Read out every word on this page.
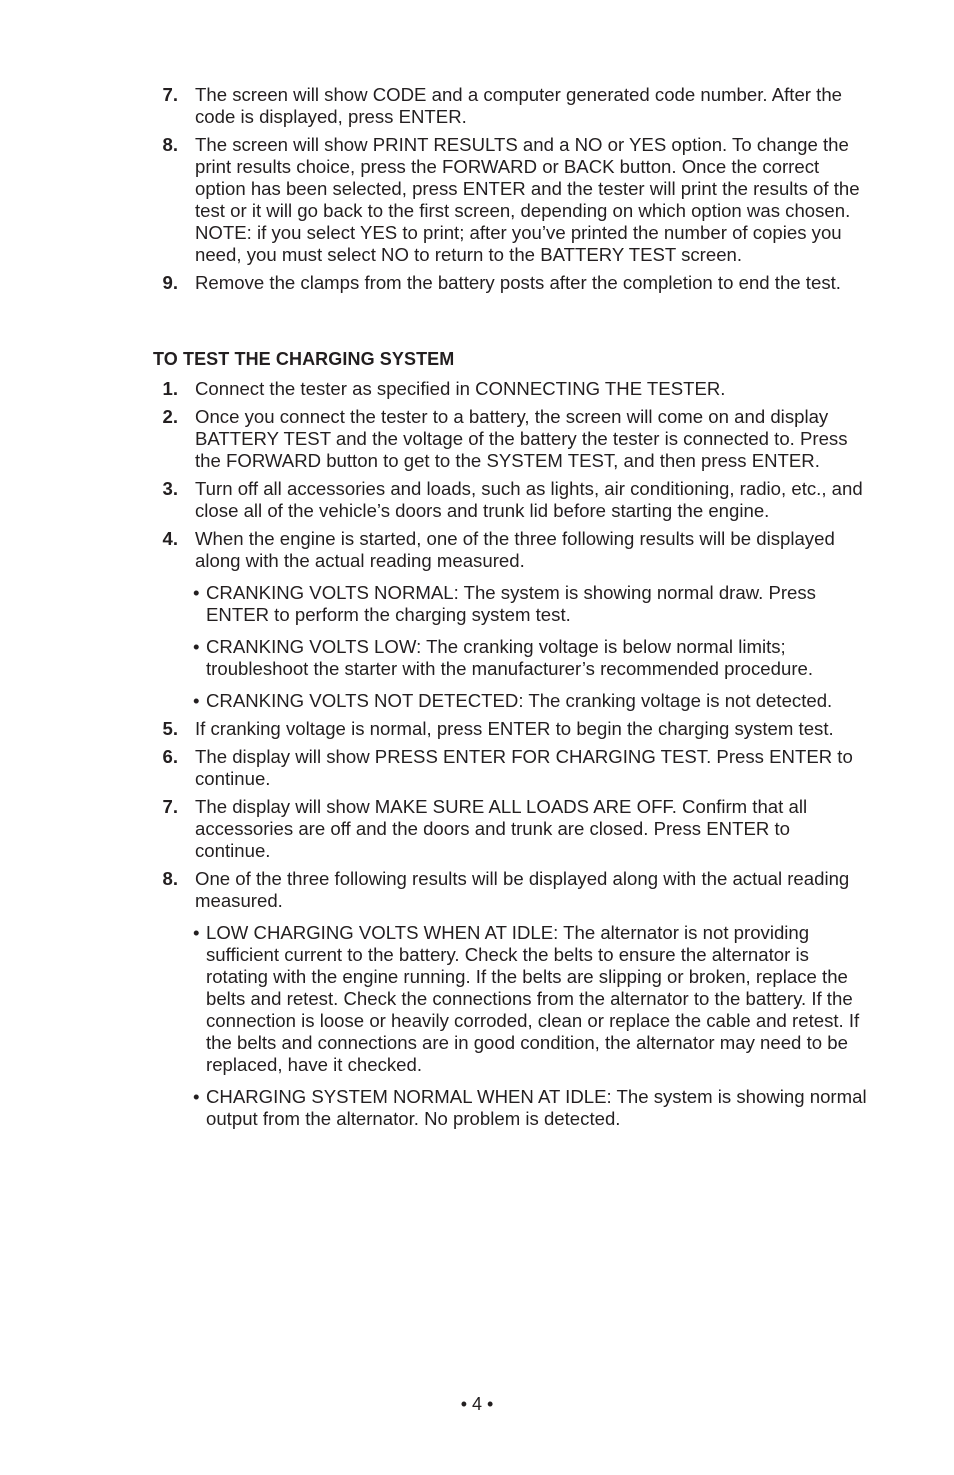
7. The screen will show CODE and a computer generated code number. After the code is displayed, press ENTER.
8. The screen will show PRINT RESULTS and a NO or YES option. To change the print results choice, press the FORWARD or BACK button. Once the correct option has been selected, press ENTER and the tester will print the results of the test or it will go back to the first screen, depending on which option was chosen. NOTE: if you select YES to print; after you’ve printed the number of copies you need, you must select NO to return to the BATTERY TEST screen.
9. Remove the clamps from the battery posts after the completion to end the test.
TO TEST THE CHARGING SYSTEM
1. Connect the tester as specified in CONNECTING THE TESTER.
2. Once you connect the tester to a battery, the screen will come on and display BATTERY TEST and the voltage of the battery the tester is connected to. Press the FORWARD button to get to the SYSTEM TEST, and then press ENTER.
3. Turn off all accessories and loads, such as lights, air conditioning, radio, etc., and close all of the vehicle’s doors and trunk lid before starting the engine.
4. When the engine is started, one of the three following results will be displayed along with the actual reading measured.
• CRANKING VOLTS NORMAL: The system is showing normal draw. Press ENTER to perform the charging system test.
• CRANKING VOLTS LOW: The cranking voltage is below normal limits; troubleshoot the starter with the manufacturer’s recommended procedure.
• CRANKING VOLTS NOT DETECTED: The cranking voltage is not detected.
5. If cranking voltage is normal, press ENTER to begin the charging system test.
6. The display will show PRESS ENTER FOR CHARGING TEST. Press ENTER to continue.
7. The display will show MAKE SURE ALL LOADS ARE OFF. Confirm that all accessories are off and the doors and trunk are closed. Press ENTER to continue.
8. One of the three following results will be displayed along with the actual reading measured.
• LOW CHARGING VOLTS WHEN AT IDLE: The alternator is not providing sufficient current to the battery. Check the belts to ensure the alternator is rotating with the engine running. If the belts are slipping or broken, replace the belts and retest. Check the connections from the alternator to the battery. If the connection is loose or heavily corroded, clean or replace the cable and retest. If the belts and connections are in good condition, the alternator may need to be replaced, have it checked.
• CHARGING SYSTEM NORMAL WHEN AT IDLE: The system is showing normal output from the alternator. No problem is detected.
• 4 •
